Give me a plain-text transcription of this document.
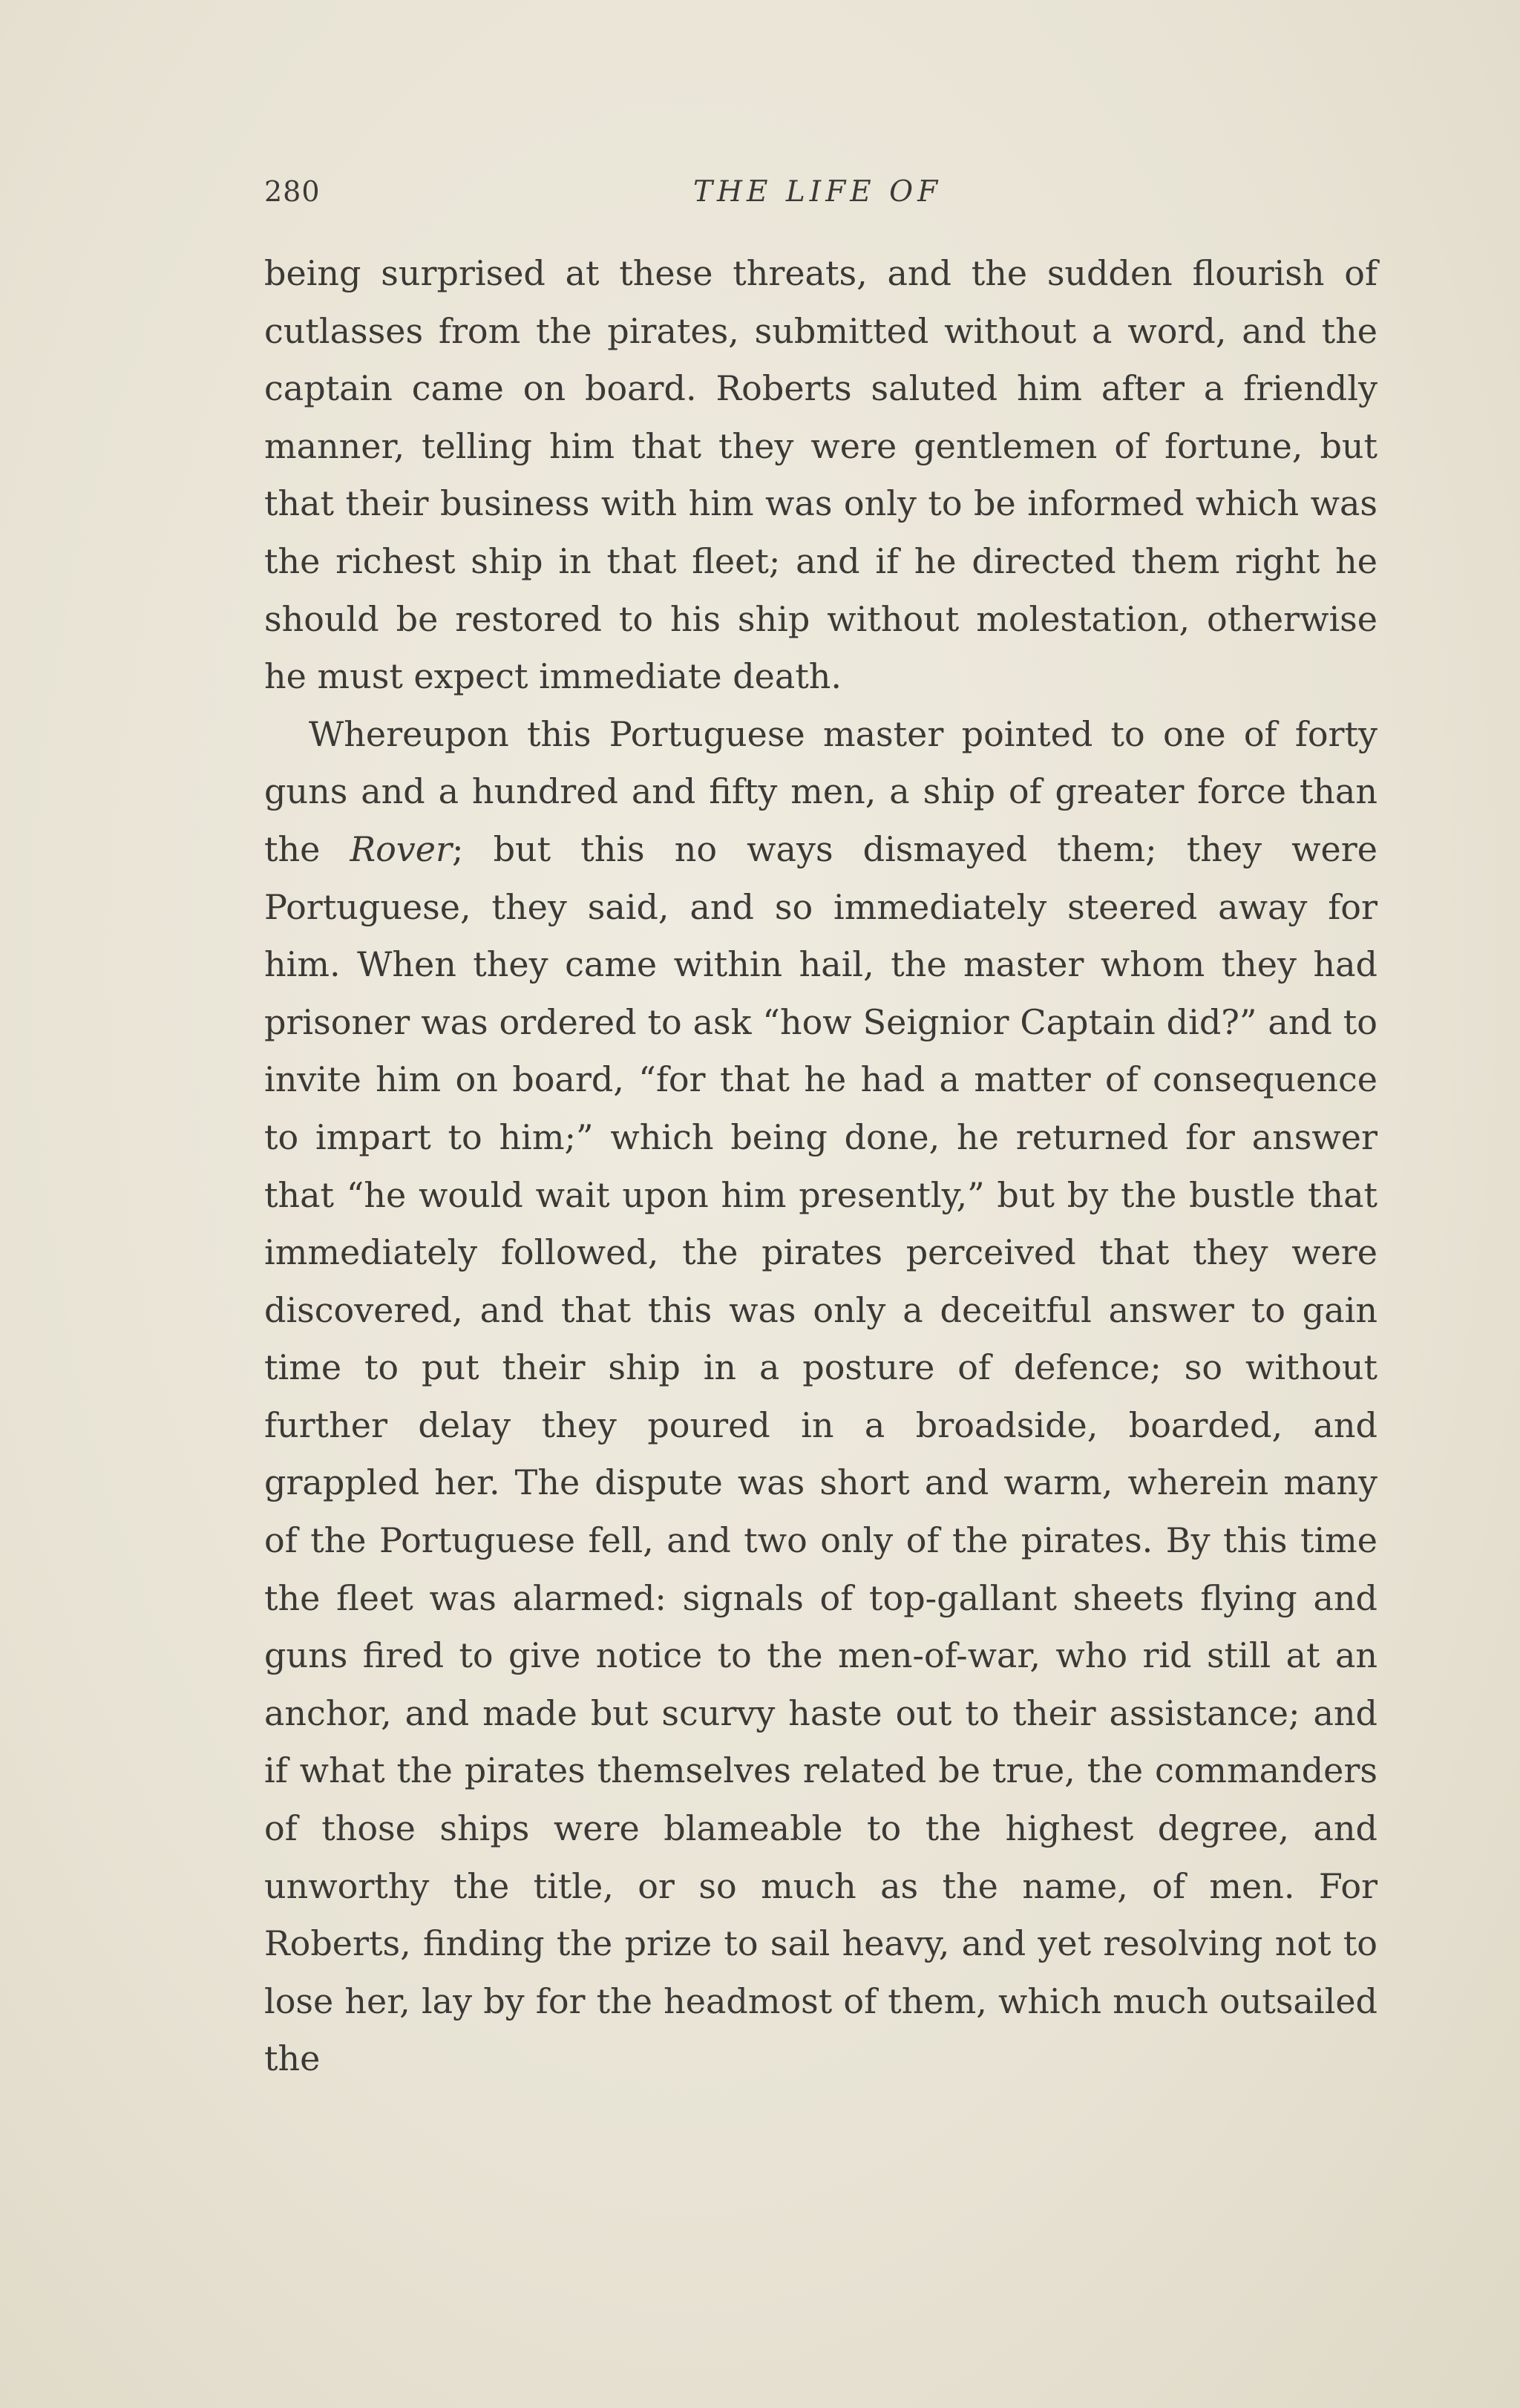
280	THE LIFE OF

being surprised at these threats, and the sudden flourish of cutlasses from the pirates, submitted without a word, and the captain came on board. Roberts saluted him after a friendly manner, telling him that they were gentlemen of fortune, but that their business with him was only to be informed which was the richest ship in that fleet; and if he directed them right he should be restored to his ship without molestation, otherwise he must expect immediate death.

Whereupon this Portuguese master pointed to one of forty guns and a hundred and fifty men, a ship of greater force than the Rover; but this no ways dismayed them; they were Portuguese, they said, and so immediately steered away for him. When they came within hail, the master whom they had prisoner was ordered to ask “how Seignior Captain did?” and to invite him on board, “for that he had a matter of consequence to impart to him;” which being done, he returned for answer that “he would wait upon him presently,” but by the bustle that immediately followed, the pirates perceived that they were discovered, and that this was only a deceitful answer to gain time to put their ship in a posture of defence; so without further delay they poured in a broadside, boarded, and grappled her. The dispute was short and warm, wherein many of the Portuguese fell, and two only of the pirates. By this time the fleet was alarmed: signals of top-gallant sheets flying and guns fired to give notice to the men-of-war, who rid still at an anchor, and made but scurvy haste out to their assistance; and if what the pirates themselves related be true, the commanders of those ships were blameable to the highest degree, and unworthy the title, or so much as the name, of men. For Roberts, finding the prize to sail heavy, and yet resolving not to lose her, lay by for the headmost of them, which much outsailed the
